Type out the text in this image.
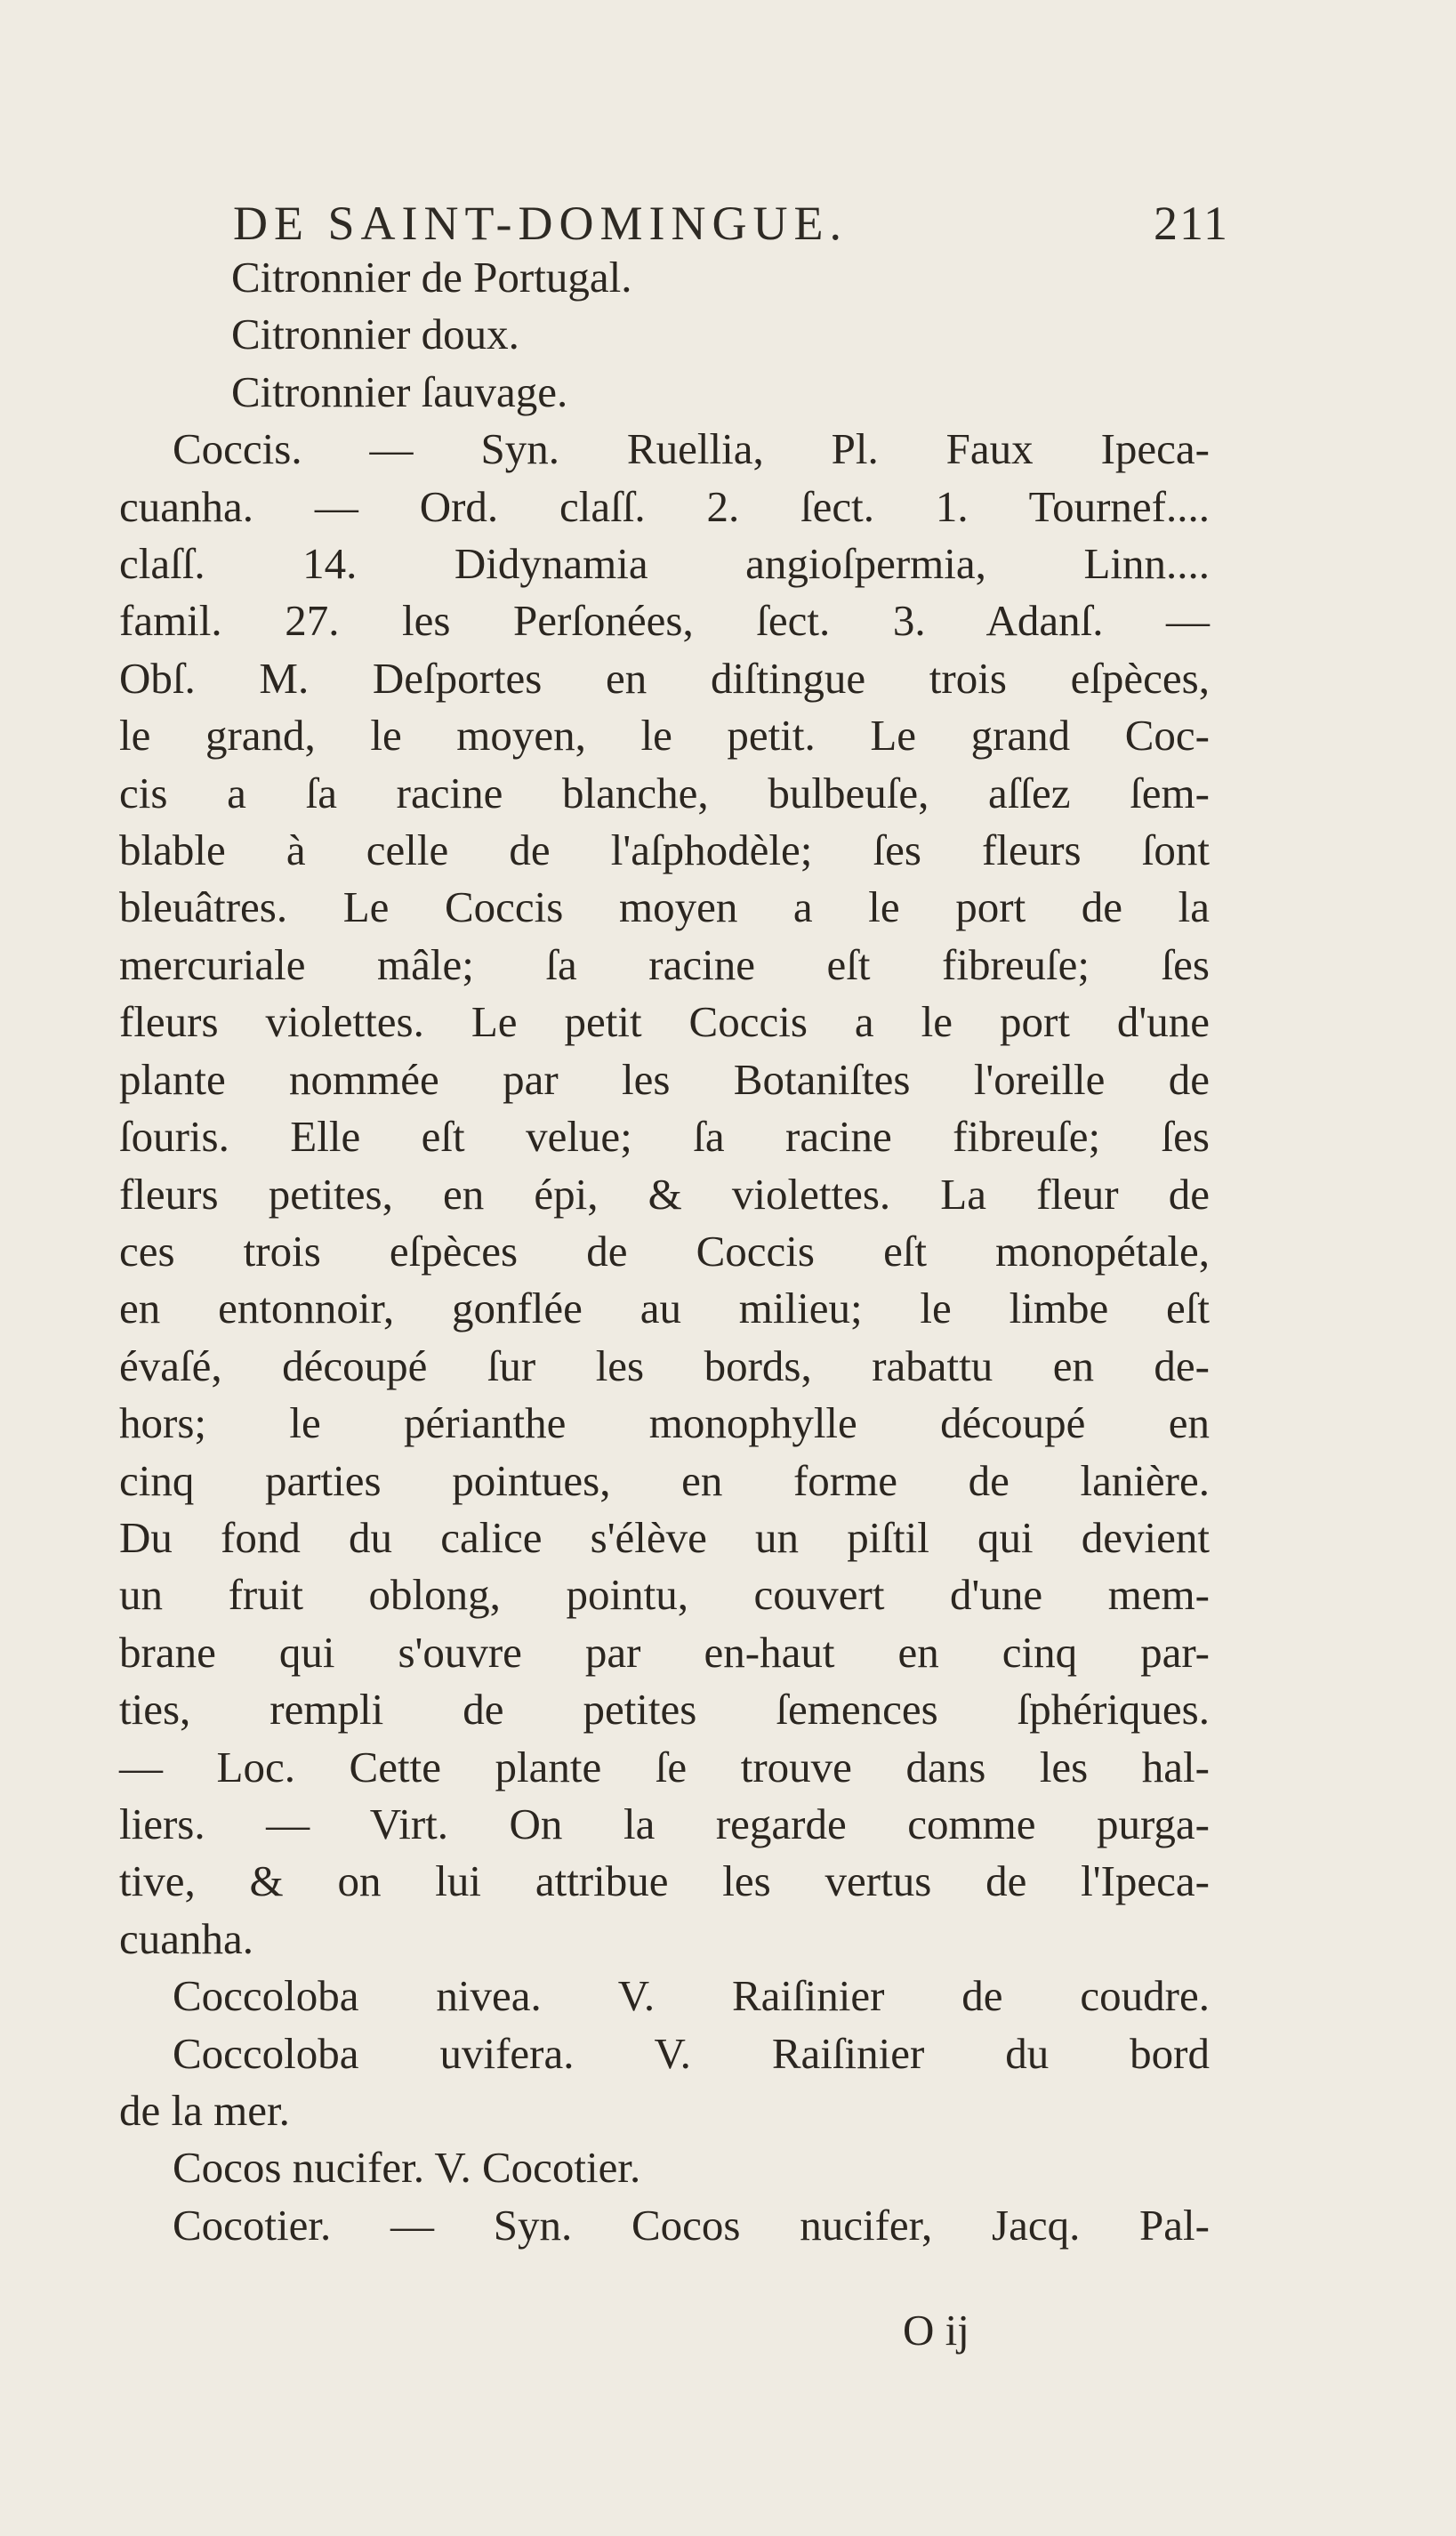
DE SAINT-DOMINGUE.	211
Citronnier de Portugal.
Citronnier doux.
Citronnier ſauvage.
Coccis. — Syn. Ruellia, Pl. Faux Ipeca-
cuanha. — Ord. claſſ. 2. ſect. 1. Tournef....
claſſ. 14. Didynamia angioſpermia, Linn....
famil. 27. les Perſonées, ſect. 3. Adanſ. —
Obſ. M. Deſportes en diſtingue trois eſpèces,
le grand, le moyen, le petit. Le grand Coc-
cis a ſa racine blanche, bulbeuſe, aſſez ſem-
blable à celle de l'aſphodèle; ſes fleurs ſont
bleuâtres. Le Coccis moyen a le port de la
mercuriale mâle; ſa racine eſt fibreuſe; ſes
fleurs violettes. Le petit Coccis a le port d'une
plante nommée par les Botaniſtes l'oreille de
ſouris. Elle eſt velue; ſa racine fibreuſe; ſes
fleurs petites, en épi, & violettes. La fleur de
ces trois eſpèces de Coccis eſt monopétale,
en entonnoir, gonflée au milieu; le limbe eſt
évaſé, découpé ſur les bords, rabattu en de-
hors; le périanthe monophylle découpé en
cinq parties pointues, en forme de lanière.
Du fond du calice s'élève un piſtil qui devient
un fruit oblong, pointu, couvert d'une mem-
brane qui s'ouvre par en-haut en cinq par-
ties, rempli de petites ſemences ſphériques.
— Loc. Cette plante ſe trouve dans les hal-
liers. — Virt. On la regarde comme purga-
tive, & on lui attribue les vertus de l'Ipeca-
cuanha.
Coccoloba nivea. V. Raiſinier de coudre.
Coccoloba uvifera. V. Raiſinier du bord
de la mer.
Cocos nucifer. V. Cocotier.
Cocotier. — Syn. Cocos nucifer, Jacq. Pal-
O ij
